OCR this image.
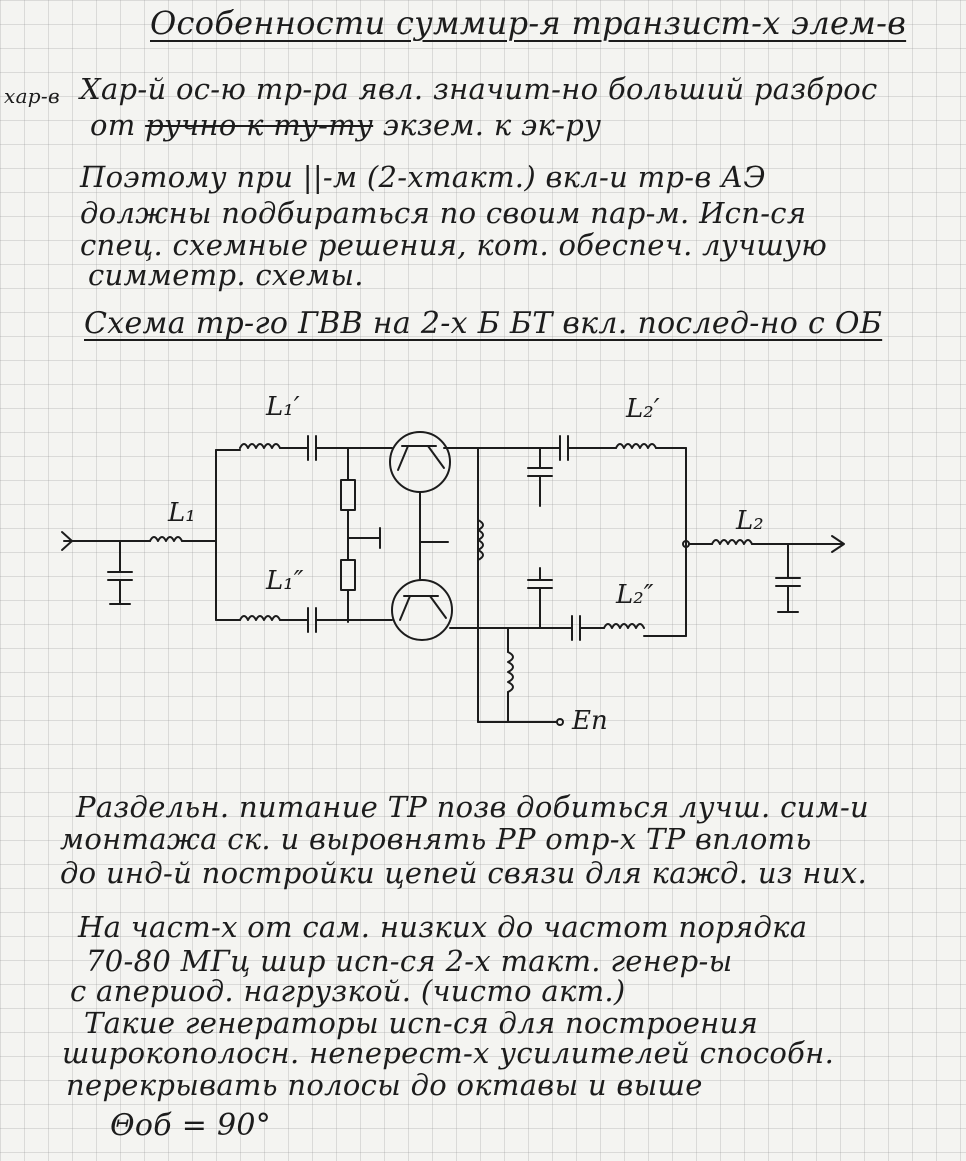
Особенности суммир-я транзист-х элем-в

хар-в Хар-й ос-ю тр-ра явл. значит-но больший разброс

от ручно к ту-ту экзем. к эк-ру

Поэтому при ||-м (2-хтакт.) вкл-и тр-в АЭ

должны подбираться по своим пар-м. Исп-ся

спец. схемные решения, кот. обеспеч. лучшую

симметр. схемы.

Схема тр-го ГВВ на 2-х Б БТ вкл. послед-но с ОБ

L₁′
L₁
L₁″
L₂′
L₂
L₂″
Eп

Раздельн. питание ТР позв добиться лучш. сим-и

монтажа ск. и выровнять РР отр-х ТР вплоть

до инд-й постройки цепей связи для кажд. из них.

На част-х от сам. низких до частот порядка

70-80 МГц шир исп-ся 2-х такт. генер-ы

с апериод. нагрузкой. (чисто акт.)

Такие генераторы исп-ся для построения

широкополосн. неперест-х усилителей способн.

перекрывать полосы до октавы и выше

Θоб = 90°
